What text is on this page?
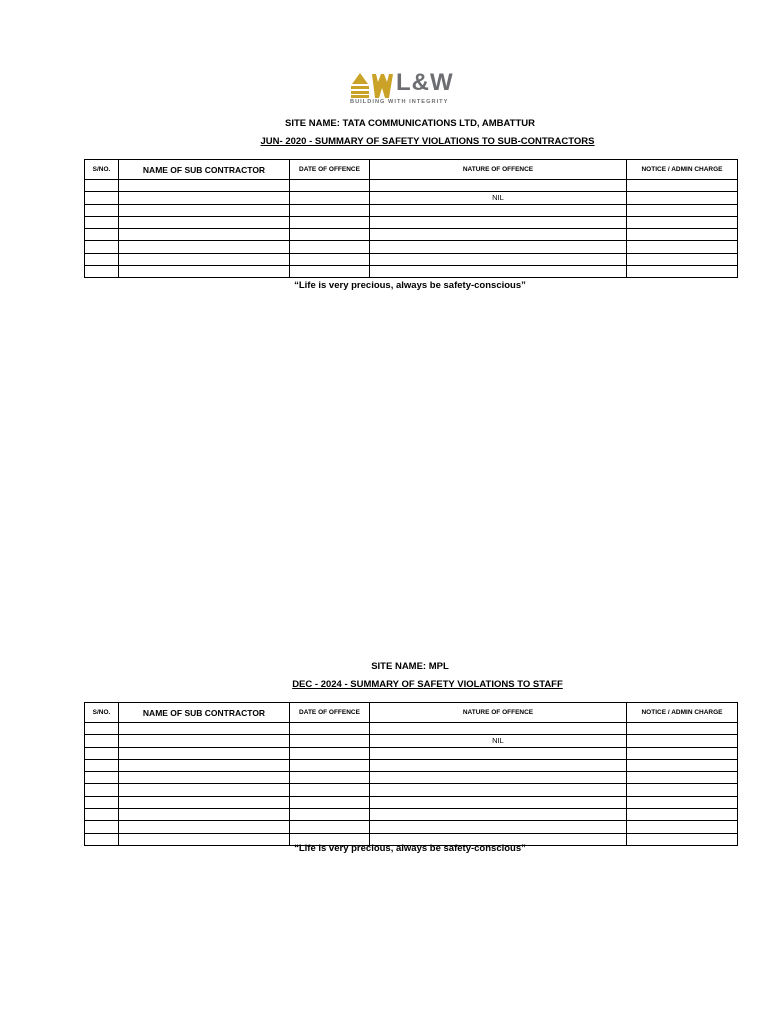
L&W
BUILDING WITH INTEGRITY
SITE NAME: TATA COMMUNICATIONS LTD, AMBATTUR
JUN- 2020 - SUMMARY OF SAFETY VIOLATIONS TO SUB-CONTRACTORS
S/NO.	NAME OF SUB CONTRACTOR	DATE OF OFFENCE	NATURE OF OFFENCE	NOTICE / ADMIN CHARGE

			NIL	

“Life is very precious, always be safety-conscious”
SITE NAME: MPL
DEC - 2024 - SUMMARY OF SAFETY VIOLATIONS TO STAFF
S/NO.	NAME OF SUB CONTRACTOR	DATE OF OFFENCE	NATURE OF OFFENCE	NOTICE / ADMIN CHARGE

			NIL	

“Life is very precious, always be safety-conscious”
